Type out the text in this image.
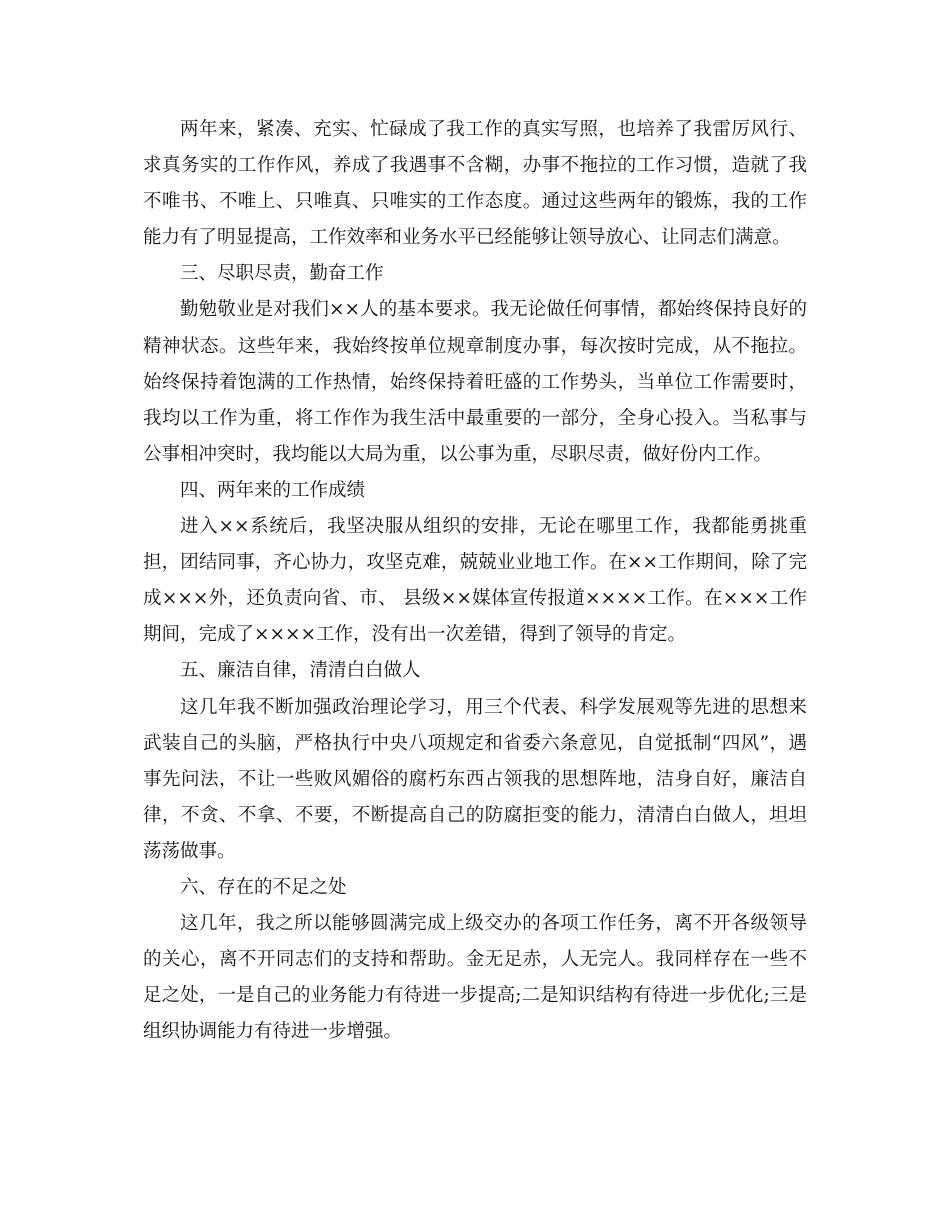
两年来，紧凑、充实、忙碌成了我工作的真实写照，也培养了我雷厉风行、求真务实的工作作风，养成了我遇事不含糊，办事不拖拉的工作习惯，造就了我不唯书、不唯上、只唯真、只唯实的工作态度。通过这些两年的锻炼，我的工作能力有了明显提高，工作效率和业务水平已经能够让领导放心、让同志们满意。

三、尽职尽责，勤奋工作

勤勉敬业是对我们××人的基本要求。我无论做任何事情，都始终保持良好的精神状态。这些年来，我始终按单位规章制度办事，每次按时完成，从不拖拉。始终保持着饱满的工作热情，始终保持着旺盛的工作势头，当单位工作需要时，我均以工作为重，将工作作为我生活中最重要的一部分，全身心投入。当私事与公事相冲突时，我均能以大局为重，以公事为重，尽职尽责，做好份内工作。

四、两年来的工作成绩

进入××系统后，我坚决服从组织的安排，无论在哪里工作，我都能勇挑重担，团结同事，齐心协力，攻坚克难，兢兢业业地工作。在××工作期间，除了完成×××外，还负责向省、市、 县级××媒体宣传报道××××工作。在×××工作期间，完成了××××工作，没有出一次差错，得到了领导的肯定。

五、廉洁自律，清清白白做人

这几年我不断加强政治理论学习，用三个代表、科学发展观等先进的思想来武装自己的头脑，严格执行中央八项规定和省委六条意见，自觉抵制“四风”，遇事先问法，不让一些败风媚俗的腐朽东西占领我的思想阵地，洁身自好，廉洁自律，不贪、不拿、不要，不断提高自己的防腐拒变的能力，清清白白做人，坦坦荡荡做事。

六、存在的不足之处

这几年，我之所以能够圆满完成上级交办的各项工作任务，离不开各级领导的关心，离不开同志们的支持和帮助。金无足赤，人无完人。我同样存在一些不足之处，一是自己的业务能力有待进一步提高;二是知识结构有待进一步优化;三是组织协调能力有待进一步增强。
